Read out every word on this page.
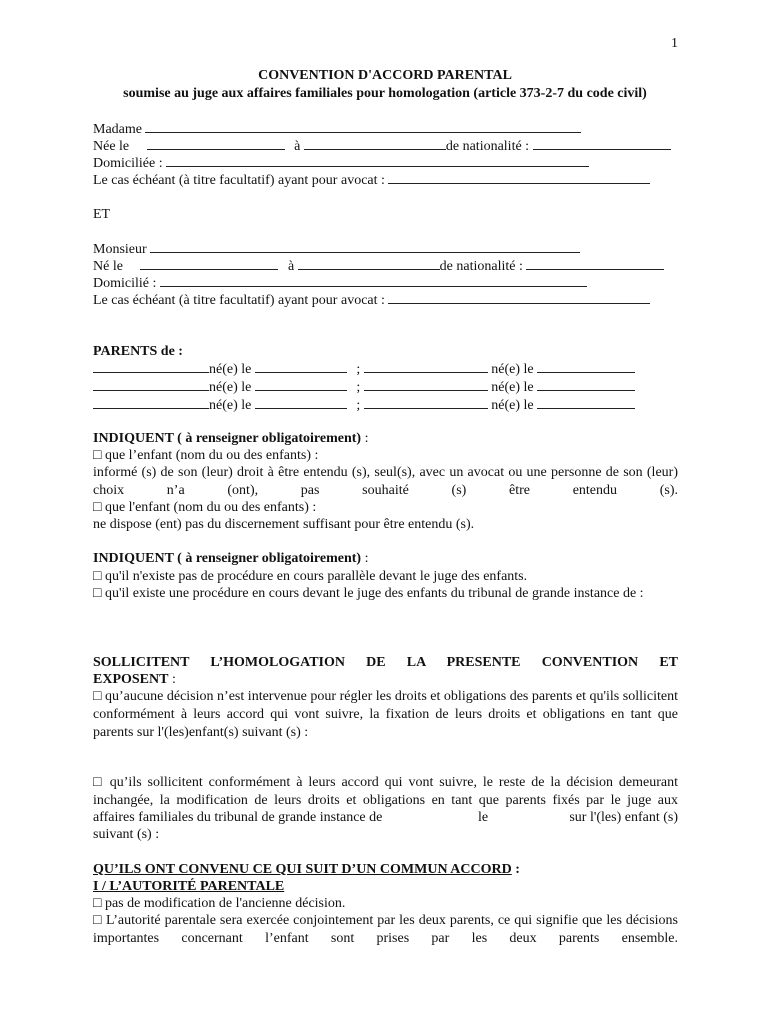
1
CONVENTION D'ACCORD PARENTAL
soumise au juge aux affaires familiales pour homologation (article 373-2-7 du code civil)
Madame
Née le	à	de nationalité :
Domiciliée :
Le cas échéant (à titre facultatif) ayant pour avocat :
ET
Monsieur
Né le	à	de nationalité :
Domicilié :
Le cas échéant (à titre facultatif) ayant pour avocat :
PARENTS de :
né(e) le	;	né(e) le
né(e) le	;	né(e) le
né(e) le	;	né(e) le
INDIQUENT ( à renseigner obligatoirement) :
□ que l’enfant (nom du ou des enfants) :
informé (s) de son (leur) droit à être entendu (s), seul(s), avec un avocat ou une personne de son (leur) choix n’a (ont), pas souhaité (s) être entendu (s).
□ que l'enfant (nom du ou des enfants) :
ne dispose (ent) pas du discernement suffisant pour être entendu (s).
INDIQUENT ( à renseigner obligatoirement) :
□ qu'il n'existe pas de procédure en cours parallèle devant le juge des enfants.
□ qu'il existe une procédure en cours devant le juge des enfants du tribunal de grande instance de :
SOLLICITENT L’HOMOLOGATION DE LA PRESENTE CONVENTION ET
EXPOSENT :
□ qu’aucune décision n’est intervenue pour régler les droits et obligations des parents et qu'ils sollicitent conformément à leurs accord qui vont suivre, la fixation de leurs droits et obligations en tant que parents sur l'(les)enfant(s) suivant (s) :
□ qu’ils sollicitent conformément à leurs accord qui vont suivre, le reste de la décision demeurant inchangée, la modification de leurs droits et obligations en tant que parents fixés par le juge aux
affaires familiales du tribunal de grande instance de	le	sur l'(les) enfant (s)
suivant (s) :
QU’ILS ONT CONVENU CE QUI SUIT D’UN COMMUN ACCORD :
I / L’AUTORITÉ PARENTALE
□ pas de modification de l'ancienne décision.
□ L’autorité parentale sera exercée conjointement par les deux parents, ce qui signifie que les décisions importantes concernant l’enfant sont prises par les deux parents ensemble.
